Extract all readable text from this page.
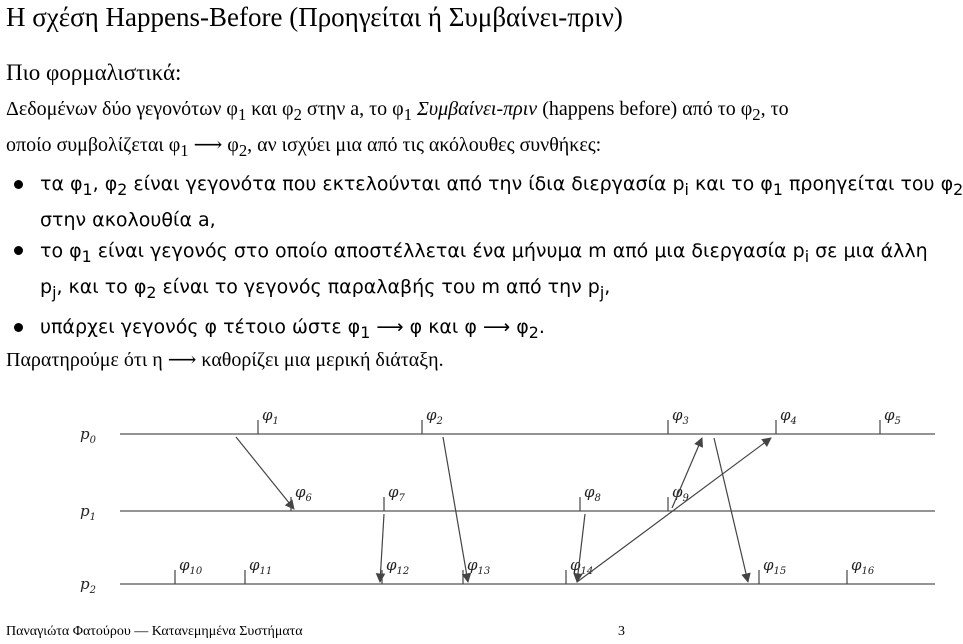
Η σχέση Happens-Before (Προηγείται ή Συμβαίνει-πριν)
Πιο φορμαλιστικά:
Δεδομένων δύο γεγονότων $\varphi_1$ και $\varphi_2$ στην a, το $\varphi_1$ Συμβαίνει-πριν (happens before) από το $\varphi_2$, το
οποίο συμβολίζεται $\varphi_1$ ⟶ $\varphi_2$, αν ισχύει μια από τις ακόλουθες συνθήκες:
τα $\varphi_1$, $\varphi_2$ είναι γεγονότα που εκτελούνται από την ίδια διεργασία $p_i$ και το $\varphi_1$ προηγείται του $\varphi_2$
στην ακολουθία a,
το $\varphi_1$ είναι γεγονός στο οποίο αποστέλλεται ένα μήνυμα m από μια διεργασία $p_i$ σε μια άλλη
$p_j$, και το $\varphi_2$ είναι το γεγονός παραλαβής του m από την $p_j$,
υπάρχει γεγονός φ τέτοιο ώστε $\varphi_1$ ⟶ φ και φ ⟶ $\varphi_2$.
Παρατηρούμε ότι η ⟶ καθορίζει μια μερική διάταξη.
$p_0$
$p_1$
$p_2$
$\varphi_1$	$\varphi_2$	$\varphi_3$	$\varphi_4$	$\varphi_5$
$\varphi_6$	$\varphi_7$	$\varphi_8$	$\varphi_9$
$\varphi_{10}$	$\varphi_{11}$	$\varphi_{12}$	$\varphi_{13}$	$\varphi_{14}$	$\varphi_{15}$	$\varphi_{16}$
Παναγιώτα Φατούρου — Κατανεμημένα Συστήματα	3
